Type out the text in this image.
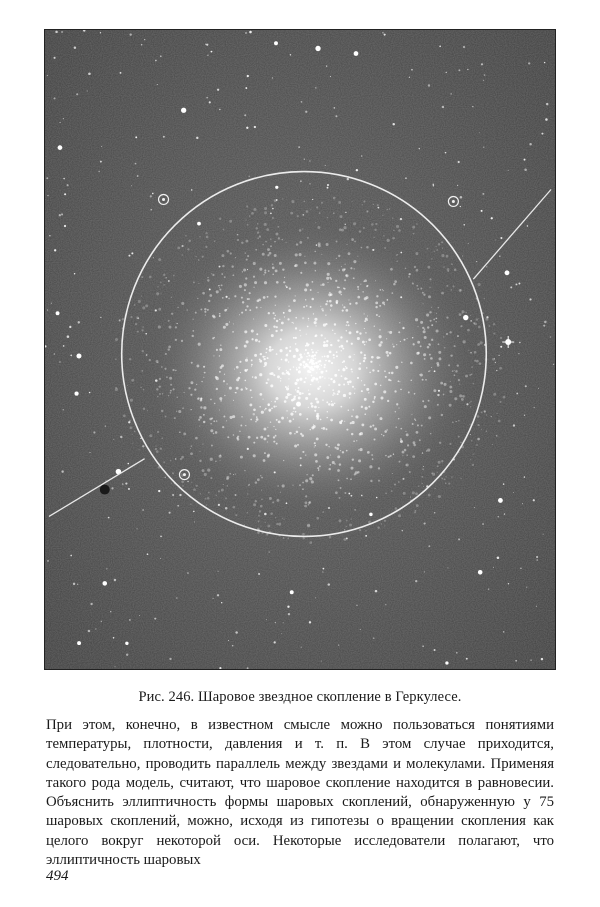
Рис. 246. Шаровое звездное скопление в Геркулесе.

При этом, конечно, в известном смысле можно пользоваться понятиями температуры, плотности, давления и т. п. В этом случае приходится, следовательно, проводить параллель между звездами и молекулами. Применяя такого рода модель, считают, что шаровое скопление находится в равновесии. Объяснить эллиптичность формы шаровых скоплений, обнаруженную у 75 шаровых скоплений, можно, исходя из гипотезы о вращении скопления как целого вокруг некоторой оси. Некоторые исследователи полагают, что эллиптичность шаровых

494
